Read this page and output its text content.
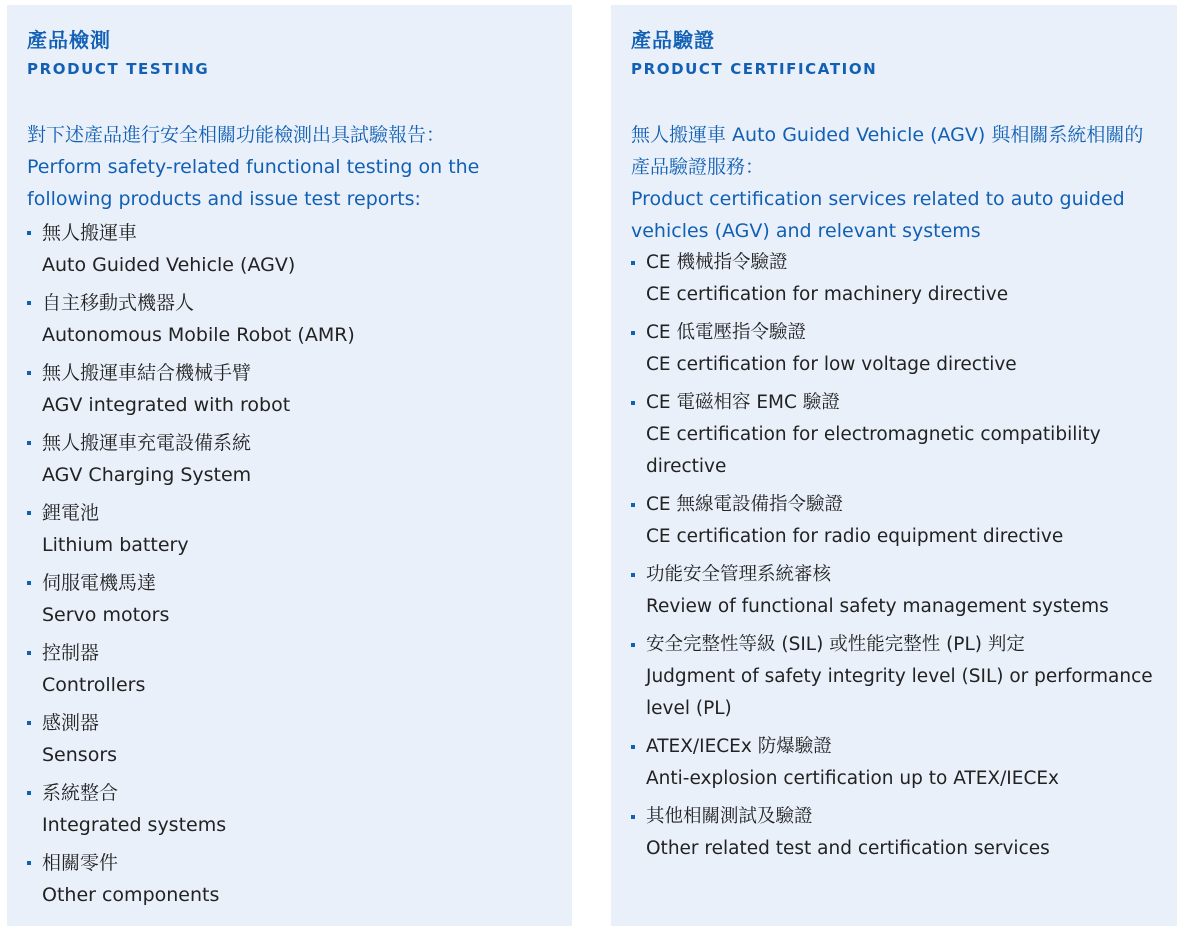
產品檢測
PRODUCT TESTING
對下述產品進行安全相關功能檢測出具試驗報告：
Perform safety-related functional testing on the following products and issue test reports:
無人搬運車
Auto Guided Vehicle (AGV)
自主移動式機器人
Autonomous Mobile Robot (AMR)
無人搬運車結合機械手臂
AGV integrated with robot
無人搬運車充電設備系統
AGV Charging System
鋰電池
Lithium battery
伺服電機馬達
Servo motors
控制器
Controllers
感測器
Sensors
系統整合
Integrated systems
相關零件
Other components
產品驗證
PRODUCT CERTIFICATION
無人搬運車 Auto Guided Vehicle (AGV) 與相關系統相關的產品驗證服務：
Product certification services related to auto guided vehicles (AGV) and relevant systems
CE 機械指令驗證
CE certification for machinery directive
CE 低電壓指令驗證
CE certification for low voltage directive
CE 電磁相容 EMC 驗證
CE certification for electromagnetic compatibility directive
CE 無線電設備指令驗證
CE certification for radio equipment directive
功能安全管理系統審核
Review of functional safety management systems
安全完整性等級 (SIL) 或性能完整性 (PL) 判定
Judgment of safety integrity level (SIL) or performance level (PL)
ATEX/IECEx 防爆驗證
Anti-explosion certification up to ATEX/IECEx
其他相關測試及驗證
Other related test and certification services
